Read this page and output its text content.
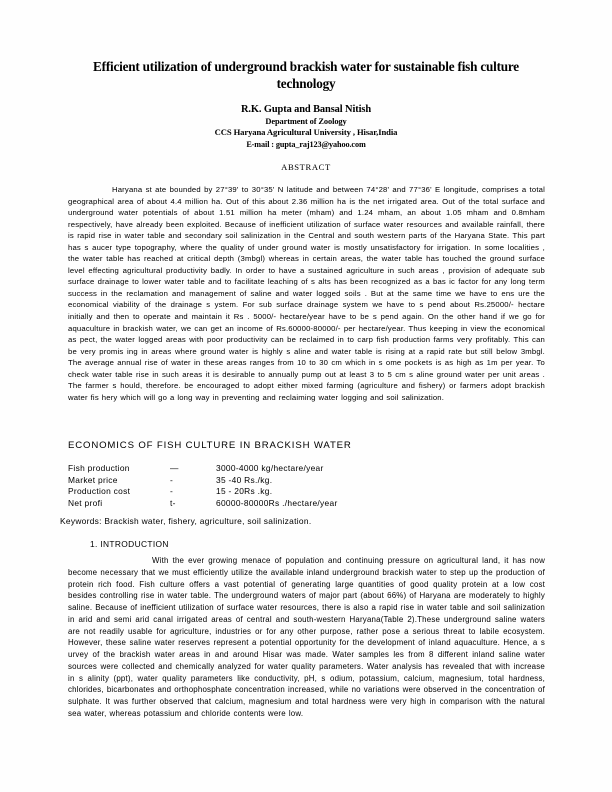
Efficient utilization of underground brackish water for sustainable fish culture technology
R.K. Gupta and Bansal Nitish
Department of Zoology
CCS Haryana Agricultural University , Hisar,India
E-mail : gupta_raj123@yahoo.com
ABSTRACT
Haryana st ate bounded by 27°39' to 30°35' N latitude and between 74°28' and 77°36' E longitude, comprises a total geographical area of about 4.4 million ha. Out of this about 2.36 million ha is the net irrigated area. Out of the total surface and underground water potentials of about 1.51 million ha meter (mham) and 1.24 mham, an about 1.05 mham and 0.8mham respectively, have already been exploited. Because of inefficient utilization of surface water resources and available rainfall, there is rapid rise in water table and secondary soil salinization in the Central and south western parts of the Haryana State. This part has s aucer type topography, where the quality of under ground water is mostly unsatisfactory for irrigation. In some localities , the water table has reached at critical depth (3mbgl) whereas in certain areas, the water table has touched the ground surface level effecting agricultural productivity badly. In order to have a sustained agriculture in such areas , provision of adequate sub surface drainage to lower water table and to facilitate leaching of s alts has been recognized as a bas ic factor for any long term success in the reclamation and management of saline and water logged soils . But at the same time we have to ens ure the economical viability of the drainage s ystem. For sub surface drainage system we have to s pend about Rs.25000/- hectare initially and then to operate and maintain it Rs . 5000/- hectare/year have to be s pend again. On the other hand if we go for aquaculture in brackish water, we can get an income of Rs.60000-80000/- per hectare/year. Thus keeping in view the economical as pect, the water logged areas with poor productivity can be reclaimed in to carp fish production farms very profitably. This can be very promis ing in areas where ground water is highly s aline and water table is rising at a rapid rate but still below 3mbgl. The average annual rise of water in these areas ranges from 10 to 30 cm which in s ome pockets is as high as 1m per year. To check water table rise in such areas it is desirable to annually pump out at least 3 to 5 cm s aline ground water per unit areas . The farmer s hould, therefore. be encouraged to adopt either mixed farming (agriculture and fishery) or farmers adopt brackish water fis hery which will go a long way in preventing and reclaiming water logging and soil salinization.
ECONOMICS OF FISH CULTURE IN BRACKISH WATER
Fish production	—	3000-4000 kg/hectare/year
Market price	-	35 -40 Rs./kg.
Production cost	-	15 - 20Rs .kg.
Net profi	t-	60000-80000Rs ./hectare/year
Keywords: Brackish water, fishery, agriculture, soil salinization.
1. INTRODUCTION
With the ever growing menace of population and continuing pressure on agricultural land, it has now become necessary that we must efficiently utilize the available inland underground brackish water to step up the production of protein rich food. Fish culture offers a vast potential of generating large quantities of good quality protein at a low cost besides controlling rise in water table. The underground waters of major part (about 66%) of Haryana are moderately to highly saline. Because of inefficient utilization of surface water resources, there is also a rapid rise in water table and soil salinization in arid and semi arid canal irrigated areas of central and south-western Haryana(Table 2).These underground saline waters are not readily usable for agriculture, industries or for any other purpose, rather pose a serious threat to labile ecosystem. However, these saline water reserves represent a potential opportunity for the development of inland aquaculture. Hence, a s urvey of the brackish water areas in and around Hisar was made. Water samples les from 8 different inland saline water sources were collected and chemically analyzed for water quality parameters. Water analysis has revealed that with increase in s alinity (ppt), water quality parameters like conductivity, pH, s odium, potassium, calcium, magnesium, total hardness, chlorides, bicarbonates and orthophosphate concentration increased, while no variations were observed in the concentration of sulphate. It was further observed that calcium, magnesium and total hardness were very high in comparison with the natural sea water, whereas potassium and chloride contents were low.
